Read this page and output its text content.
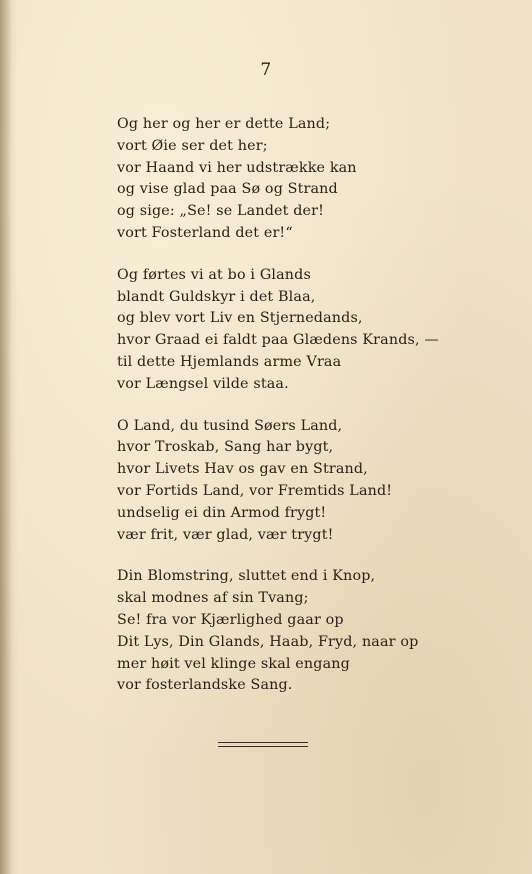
7
Og her og her er dette Land;
vort Øie ser det her;
vor Haand vi her udstrække kan
og vise glad paa Sø og Strand
og sige: „Se! se Landet der!
vort Fosterland det er!“
Og førtes vi at bo i Glands
blandt Guldskyr i det Blaa,
og blev vort Liv en Stjernedands,
hvor Graad ei faldt paa Glædens Krands, —
til dette Hjemlands arme Vraa
vor Længsel vilde staa.
O Land, du tusind Søers Land,
hvor Troskab, Sang har bygt,
hvor Livets Hav os gav en Strand,
vor Fortids Land, vor Fremtids Land!
undselig ei din Armod frygt!
vær frit, vær glad, vær trygt!
Din Blomstring, sluttet end i Knop,
skal modnes af sin Tvang;
Se! fra vor Kjærlighed gaar op
Dit Lys, Din Glands, Haab, Fryd, naar op
mer høit vel klinge skal engang
vor fosterlandske Sang.
